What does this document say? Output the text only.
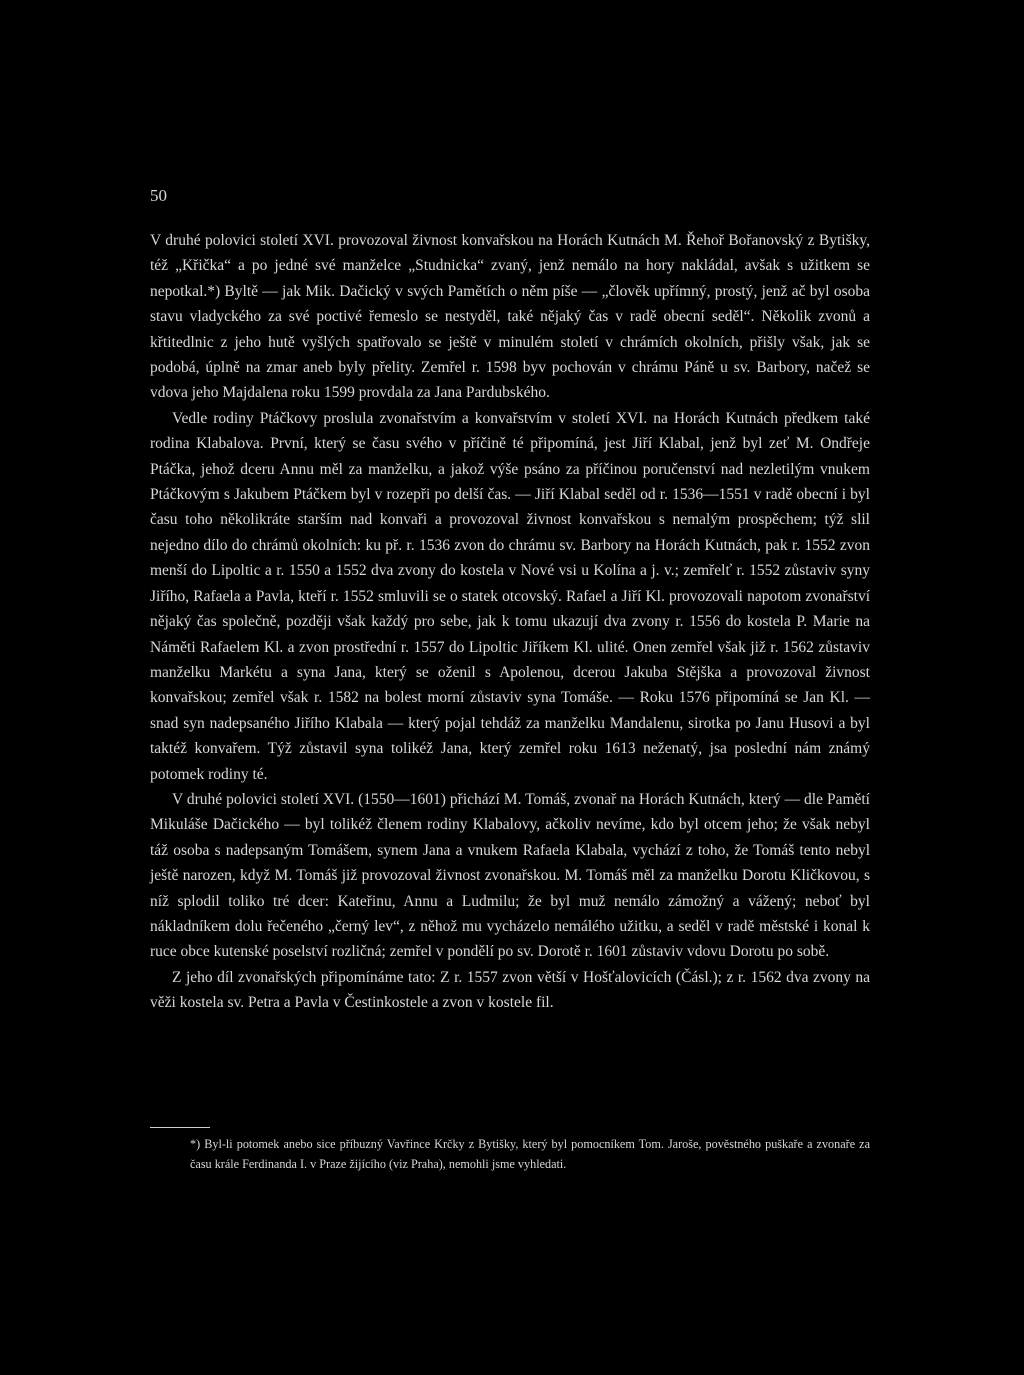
50

V druhé polovici století XVI. provozoval živnost konvařskou na Horách Kutnách M. Řehoř Bořanovský z Bytišky, též „Křička“ a po jedné své manželce „Studnicka“ zvaný, jenž nemálo na hory nakládal, avšak s užitkem se nepotkal.*) Byltě — jak Mik. Dačický v svých Pamětích o něm píše — „člověk upřímný, prostý, jenž ač byl osoba stavu vladyckého za své poctivé řemeslo se nestyděl, také nějaký čas v radě obecní seděl“. Několik zvonů a křtitedlnic z jeho hutě vyšlých spatřovalo se ještě v minulém století v chrámích okolních, přišly však, jak se podobá, úplně na zmar aneb byly přelity. Zemřel r. 1598 byv pochován v chrámu Páně u sv. Barbory, načež se vdova jeho Majdalena roku 1599 provdala za Jana Pardubského.

Vedle rodiny Ptáčkovy proslula zvonařstvím a konvařstvím v století XVI. na Horách Kutnách předkem také rodina Klabalova. První, který se času svého v příčině té připomíná, jest Jiří Klabal, jenž byl zeť M. Ondřeje Ptáčka, jehož dceru Annu měl za manželku, a jakož výše psáno za příčinou poručenství nad nezletilým vnukem Ptáčkovým s Jakubem Ptáčkem byl v rozepři po delší čas. — Jiří Klabal seděl od r. 1536—1551 v radě obecní i byl času toho několikráte starším nad konvaři a provozoval živnost konvařskou s nemalým prospěchem; týž slil nejedno dílo do chrámů okolních: ku př. r. 1536 zvon do chrámu sv. Barbory na Horách Kutnách, pak r. 1552 zvon menší do Lipoltic a r. 1550 a 1552 dva zvony do kostela v Nové vsi u Kolína a j. v.; zemřelť r. 1552 zůstaviv syny Jiřího, Rafaela a Pavla, kteří r. 1552 smluvili se o statek otcovský. Rafael a Jiří Kl. provozovali napotom zvonařství nějaký čas společně, později však každý pro sebe, jak k tomu ukazují dva zvony r. 1556 do kostela P. Marie na Náměti Rafaelem Kl. a zvon prostřední r. 1557 do Lipoltic Jiříkem Kl. ulité. Onen zemřel však již r. 1562 zůstaviv manželku Markétu a syna Jana, který se oženil s Apolenou, dcerou Jakuba Stějška a provozoval živnost konvařskou; zemřel však r. 1582 na bolest morní zůstaviv syna Tomáše. — Roku 1576 připomíná se Jan Kl. — snad syn nadepsaného Jiřího Klabala — který pojal tehdáž za manželku Mandalenu, sirotka po Janu Husovi a byl taktéž konvařem. Týž zůstavil syna tolikéž Jana, který zemřel roku 1613 neženatý, jsa poslední nám známý potomek rodiny té.

V druhé polovici století XVI. (1550—1601) přichází M. Tomáš, zvonař na Horách Kutnách, který — dle Pamětí Mikuláše Dačického — byl tolikéž členem rodiny Klabalovy, ačkoliv nevíme, kdo byl otcem jeho; že však nebyl táž osoba s nadepsaným Tomášem, synem Jana a vnukem Rafaela Klabala, vychází z toho, že Tomáš tento nebyl ještě narozen, když M. Tomáš již provozoval živnost zvonařskou. M. Tomáš měl za manželku Dorotu Kličkovou, s níž splodil toliko tré dcer: Kateřinu, Annu a Ludmilu; že byl muž nemálo zámožný a vážený; neboť byl nákladníkem dolu řečeného „černý lev“, z něhož mu vycházelo nemálého užitku, a seděl v radě městské i konal k ruce obce kutenské poselství rozličná; zemřel v pondělí po sv. Dorotě r. 1601 zůstaviv vdovu Dorotu po sobě.

Z jeho díl zvonařských připomínáme tato: Z r. 1557 zvon větší v Hošťalovicích (Čásl.); z r. 1562 dva zvony na věži kostela sv. Petra a Pavla v Čestinkostele a zvon v kostele fil.

*) Byl-li potomek anebo sice příbuzný Vavřince Krčky z Bytišky, který byl pomocníkem Tom. Jaroše, pověstného puškaře a zvonaře za času krále Ferdinanda I. v Praze žijícího (viz Praha), nemohli jsme vyhledati.
